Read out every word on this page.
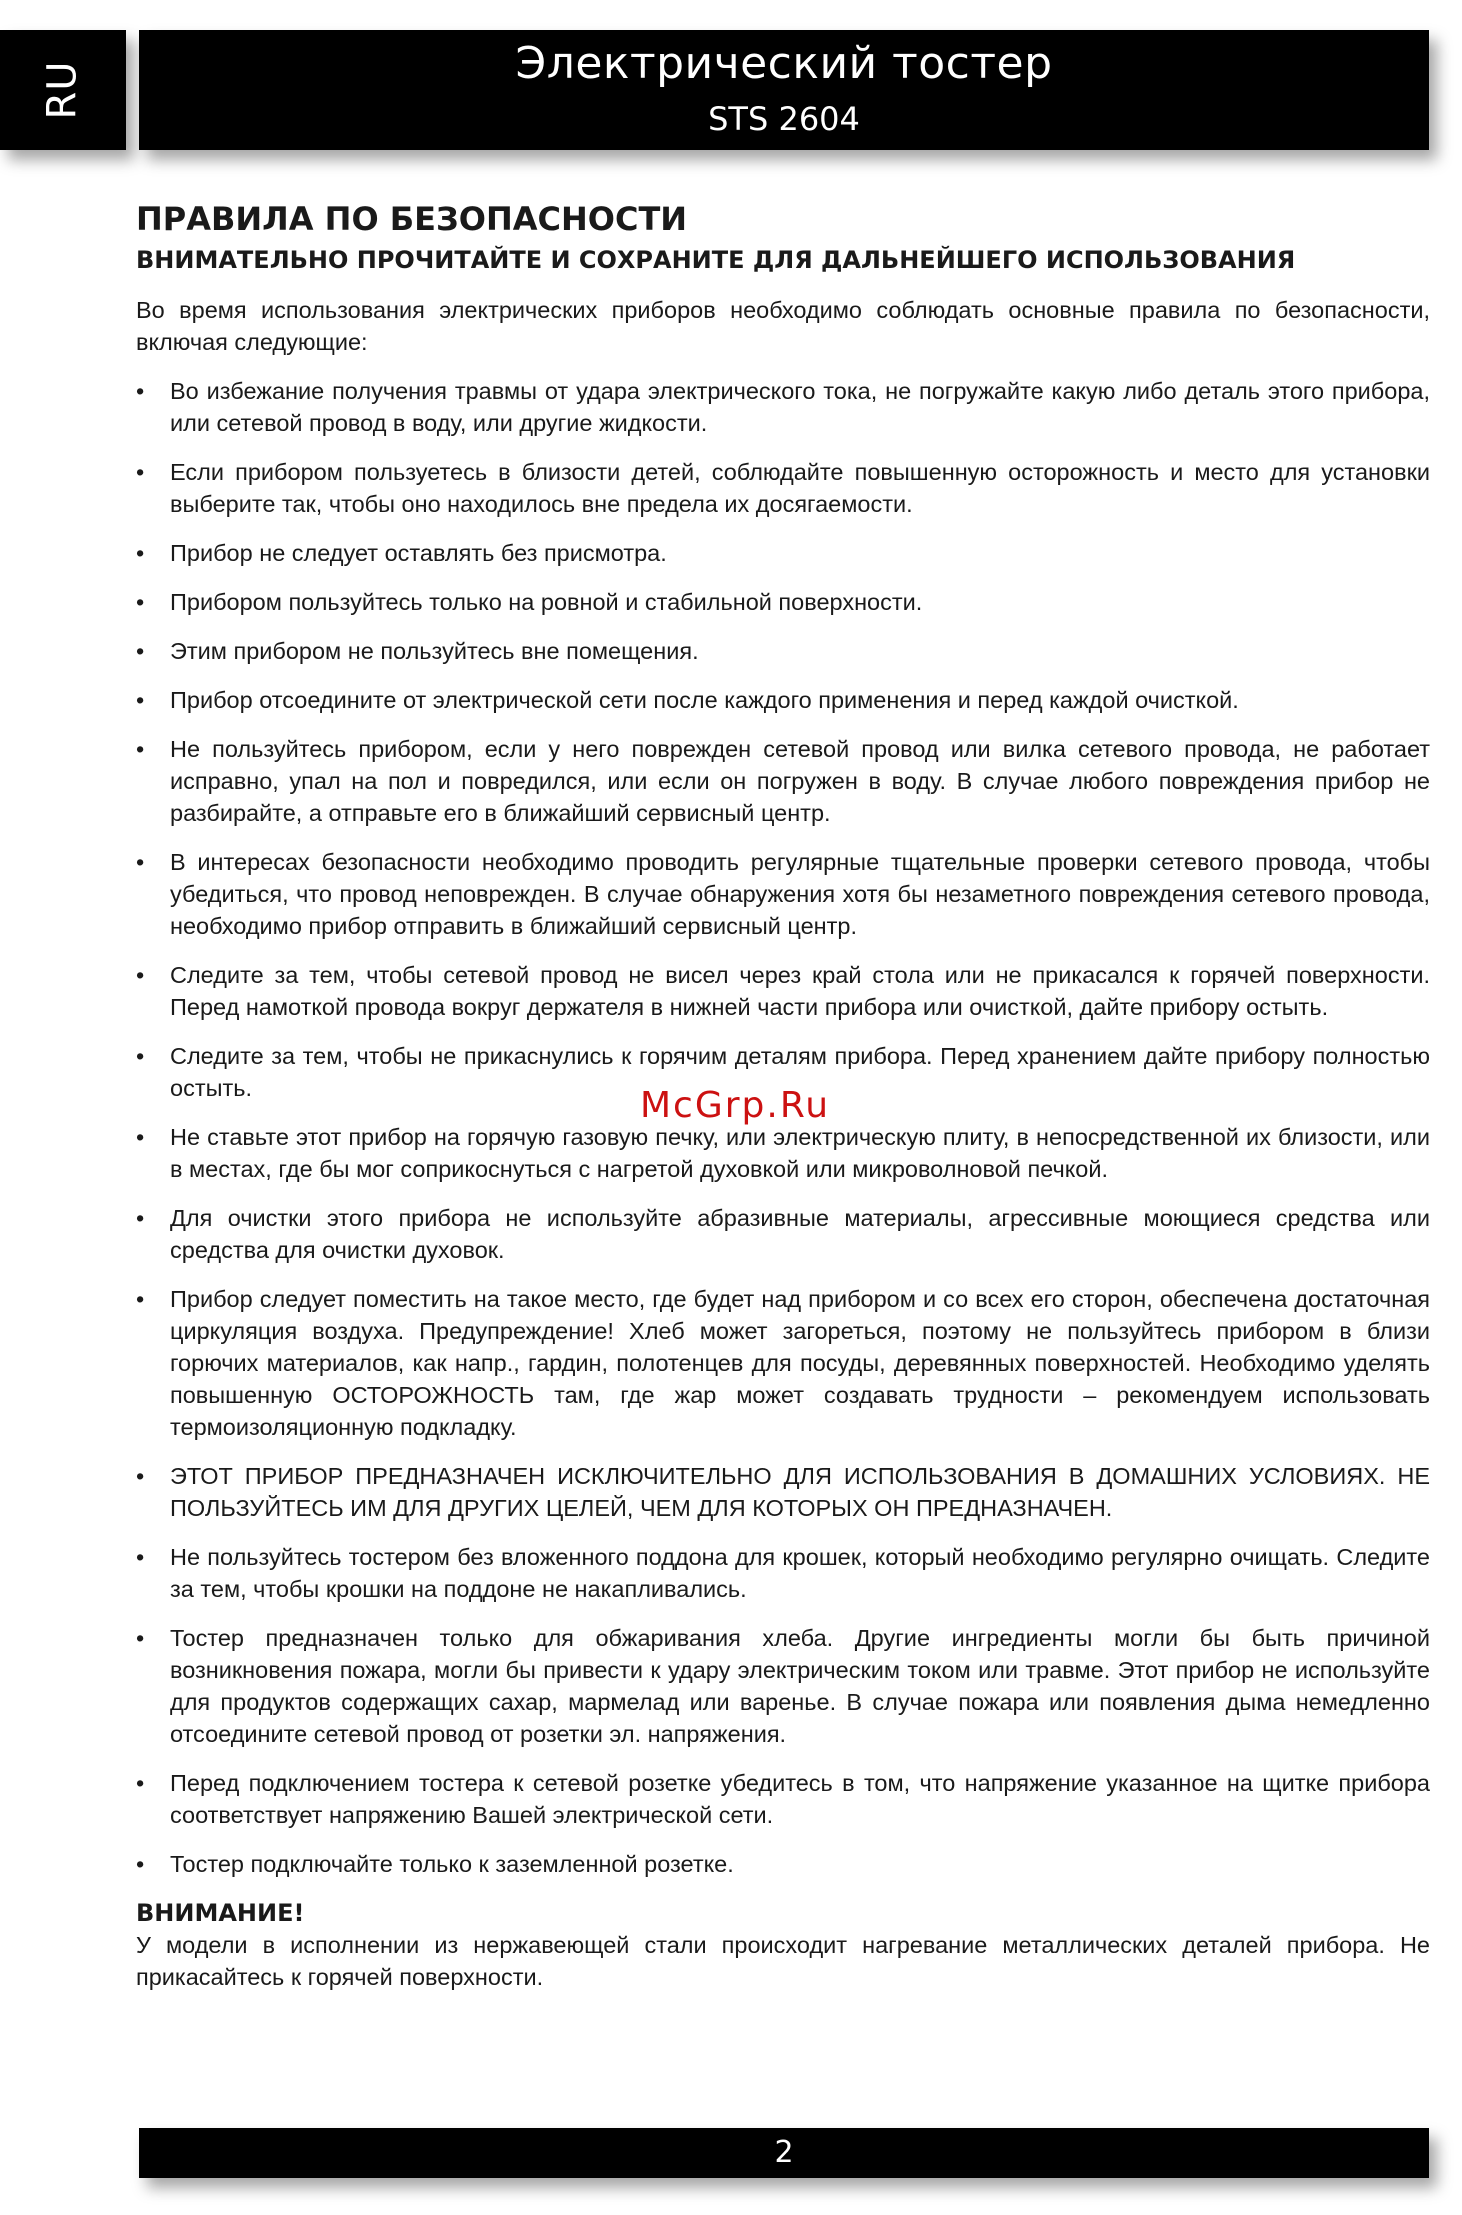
RU	Электрический тостер
STS 2604
ПРАВИЛА ПО БЕЗОПАСНОСТИ
ВНИМАТЕЛЬНО ПРОЧИТАЙТЕ И СОХРАНИТЕ ДЛЯ ДАЛЬНЕЙШЕГО ИСПОЛЬЗОВАНИЯ

Во время использования электрических приборов необходимо соблюдать основные правила по безопасности, включая следующие:

• Во избежание получения травмы от удара электрического тока, не погружайте какую либо деталь этого прибора, или сетевой провод в воду, или другие жидкости.
• Если прибором пользуетесь в близости детей, соблюдайте повышенную осторожность и место для установки выберите так, чтобы оно находилось вне предела их досягаемости.
• Прибор не следует оставлять без присмотра.
• Прибором пользуйтесь только на ровной и стабильной поверхности.
• Этим прибором не пользуйтесь вне помещения.
• Прибор отсоедините от электрической сети после каждого применения и перед каждой очисткой.
• Не пользуйтесь прибором, если у него поврежден сетевой провод или вилка сетевого провода, не работает исправно, упал на пол и повредился, или если он погружен в воду. В случае любого повреждения прибор не разбирайте, а отправьте его в ближайший сервисный центр.
• В интересах безопасности необходимо проводить регулярные тщательные проверки сетевого провода, чтобы убедиться, что провод неповрежден. В случае обнаружения хотя бы незаметного повреждения сетевого провода, необходимо прибор отправить в ближайший сервисный центр.
• Следите за тем, чтобы сетевой провод не висел через край стола или не прикасался к горячей поверхности. Перед намоткой провода вокруг держателя в нижней части прибора или очисткой, дайте прибору остыть.
• Следите за тем, чтобы не прикаснулись к горячим деталям прибора. Перед хранением дайте прибору полностью остыть.
• Не ставьте этот прибор на горячую газовую печку, или электрическую плиту, в непосредственной их близости, или в местах, где бы мог соприкоснуться с нагретой духовкой или микроволновой печкой.
• Для очистки этого прибора не используйте абразивные материалы, агрессивные моющиеся средства или средства для очистки духовок.
• Прибор следует поместить на такое место, где будет над прибором и со всех его сторон, обеспечена достаточная циркуляция воздуха. Предупреждение! Хлеб может загореться, поэтому не пользуйтесь прибором в близи горючих материалов, как напр., гардин, полотенцев для посуды, деревянных поверхностей. Необходимо уделять повышенную ОСТОРОЖНОСТЬ там, где жар может создавать трудности – рекомендуем использовать термоизоляционную подкладку.
• ЭТОТ ПРИБОР ПРЕДНАЗНАЧЕН ИСКЛЮЧИТЕЛЬНО ДЛЯ ИСПОЛЬЗОВАНИЯ В ДОМАШНИХ УСЛОВИЯХ. НЕ ПОЛЬЗУЙТЕСЬ ИМ ДЛЯ ДРУГИХ ЦЕЛЕЙ, ЧЕМ ДЛЯ КОТОРЫХ ОН ПРЕДНАЗНАЧЕН.
• Не пользуйтесь тостером без вложенного поддона для крошек, который необходимо регулярно очищать. Следите за тем, чтобы крошки на поддоне не накапливались.
• Тостер предназначен только для обжаривания хлеба. Другие ингредиенты могли бы быть причиной возникновения пожара, могли бы привести к удару электрическим током или травме. Этот прибор не используйте для продуктов содержащих сахар, мармелад или варенье. В случае пожара или появления дыма немедленно отсоедините сетевой провод от розетки эл. напряжения.
• Перед подключением тостера к сетевой розетке убедитесь в том, что напряжение указанное на щитке прибора соответствует напряжению Вашей электрической сети.
• Тостер подключайте только к заземленной розетке.
ВНИМАНИЕ!

У модели в исполнении из нержавеющей стали происходит нагревание металлических деталей прибора. Не прикасайтесь к горячей поверхности.

McGrp.Ru
2
